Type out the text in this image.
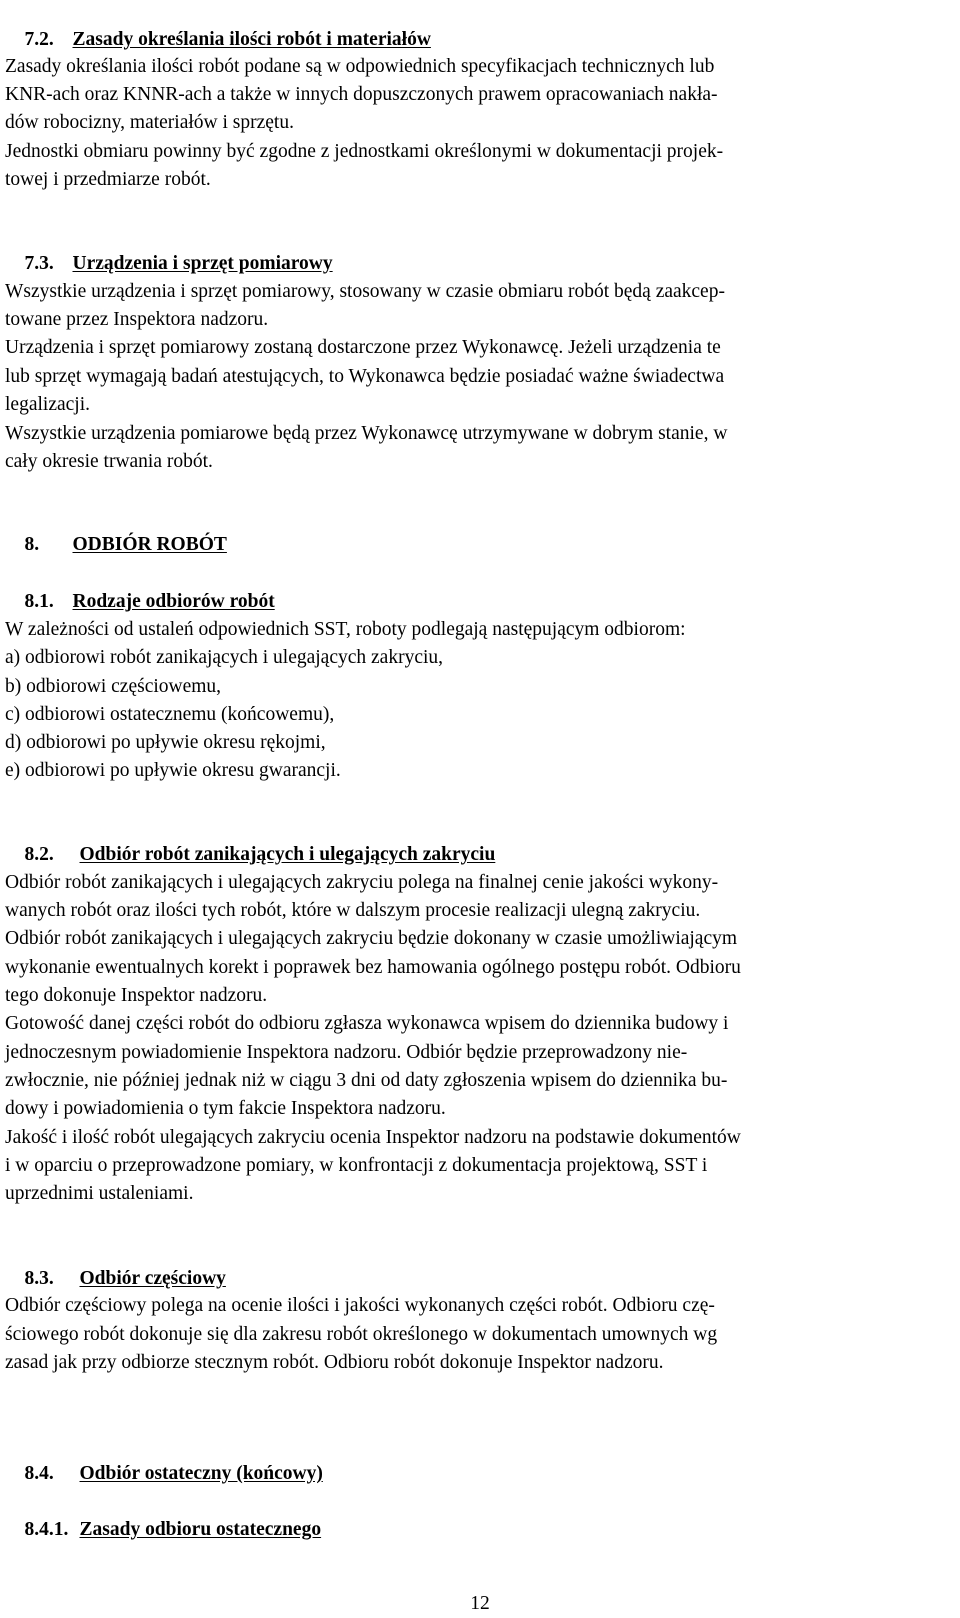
7.2. Zasady określania ilości robót i materiałów

Zasady określania ilości robót podane są w odpowiednich specyfikacjach technicznych lub
KNR-ach oraz KNNR-ach a także w innych dopuszczonych prawem opracowaniach nakła-
dów robocizny, materiałów i sprzętu.
Jednostki obmiaru powinny być zgodne z jednostkami określonymi w dokumentacji projek-
towej i przedmiarze robót.

7.3. Urządzenia i sprzęt pomiarowy

Wszystkie urządzenia i sprzęt pomiarowy, stosowany w czasie obmiaru robót będą zaakcep-
towane przez Inspektora nadzoru.
Urządzenia i sprzęt pomiarowy zostaną dostarczone przez Wykonawcę. Jeżeli urządzenia te
lub sprzęt wymagają badań atestujących, to Wykonawca będzie posiadać ważne świadectwa
legalizacji.
Wszystkie urządzenia pomiarowe będą przez Wykonawcę utrzymywane w dobrym stanie, w
cały okresie trwania robót.

8. ODBIÓR ROBÓT

8.1. Rodzaje odbiorów robót

W zależności od ustaleń odpowiednich SST, roboty podlegają następującym odbiorom:
a) odbiorowi robót zanikających i ulegających zakryciu,
b) odbiorowi częściowemu,
c) odbiorowi ostatecznemu (końcowemu),
d) odbiorowi po upływie okresu rękojmi,
e) odbiorowi po upływie okresu gwarancji.

8.2. Odbiór robót zanikających i ulegających zakryciu

Odbiór robót zanikających i ulegających zakryciu polega na finalnej cenie jakości wykony-
wanych robót oraz ilości tych robót, które w dalszym procesie realizacji ulegną zakryciu.
Odbiór robót zanikających i ulegających zakryciu będzie dokonany w czasie umożliwiającym
wykonanie ewentualnych korekt i poprawek bez hamowania ogólnego postępu robót. Odbioru
tego dokonuje Inspektor nadzoru.
Gotowość danej części robót do odbioru zgłasza wykonawca wpisem do dziennika budowy i
jednoczesnym powiadomienie Inspektora nadzoru. Odbiór będzie przeprowadzony nie-
zwłocznie, nie później jednak niż w ciągu 3 dni od daty zgłoszenia wpisem do dziennika bu-
dowy i powiadomienia o tym fakcie Inspektora nadzoru.
Jakość i ilość robót ulegających zakryciu ocenia Inspektor nadzoru na podstawie dokumentów
i w oparciu o przeprowadzone pomiary, w konfrontacji z dokumentacja projektową, SST i
uprzednimi ustaleniami.

8.3. Odbiór częściowy

Odbiór częściowy polega na ocenie ilości i jakości wykonanych części robót. Odbioru czę-
ściowego robót dokonuje się dla zakresu robót określonego w dokumentach umownych wg
zasad jak przy odbiorze stecznym robót. Odbioru robót dokonuje Inspektor nadzoru.

8.4. Odbiór ostateczny (końcowy)

8.4.1. Zasady odbioru ostatecznego

12
